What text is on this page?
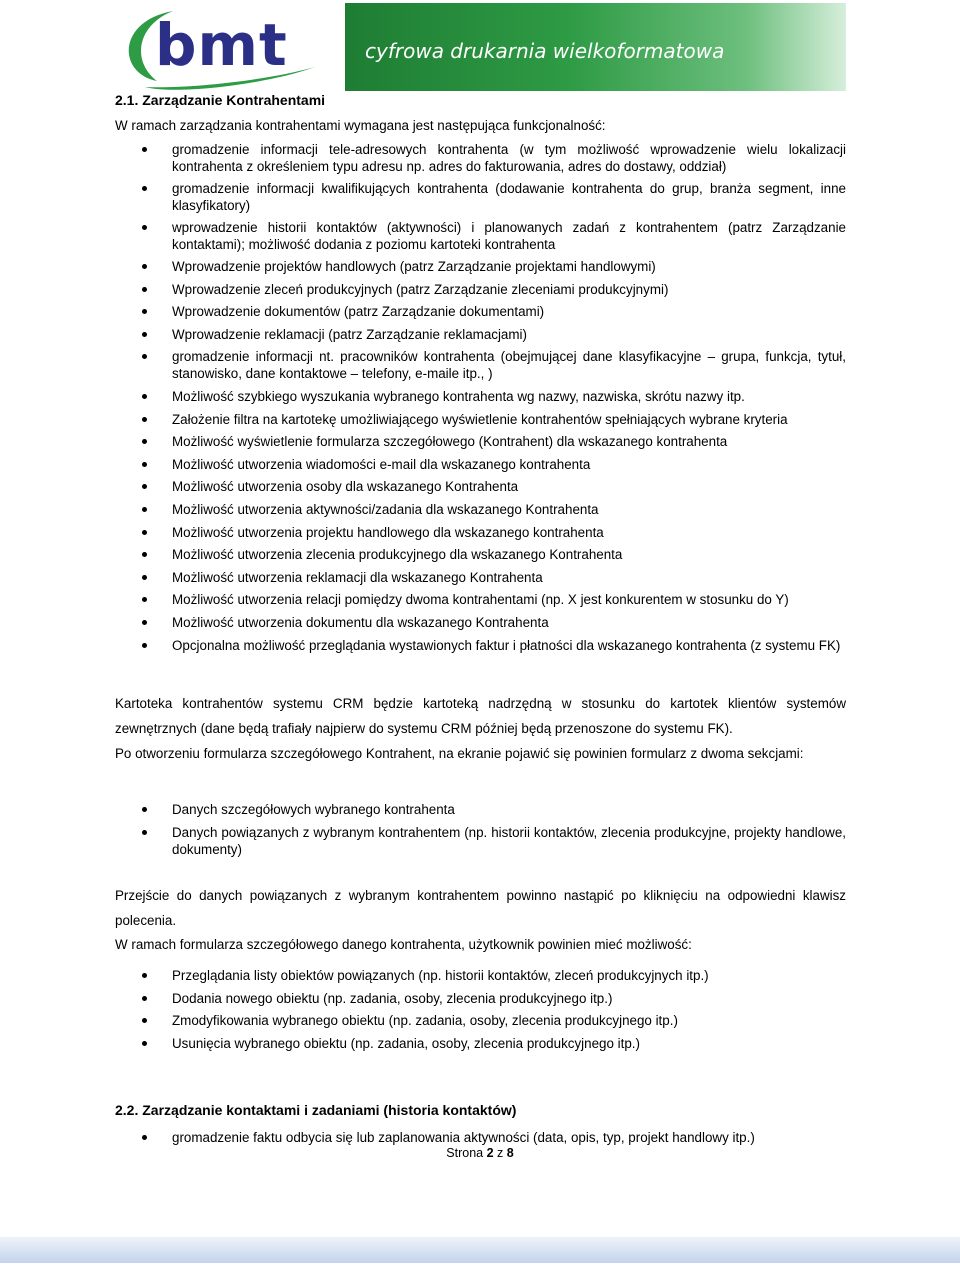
bmt	cyfrowa drukarnia wielkoformatowa
2.1. Zarządzanie Kontrahentami
W ramach zarządzania kontrahentami wymagana jest następująca funkcjonalność:
gromadzenie informacji tele-adresowych kontrahenta (w tym możliwość wprowadzenie wielu lokalizacji kontrahenta z określeniem typu adresu np. adres do fakturowania, adres do dostawy, oddział)
gromadzenie informacji kwalifikujących kontrahenta (dodawanie kontrahenta do grup, branża segment, inne klasyfikatory)
wprowadzenie historii kontaktów (aktywności) i planowanych zadań z kontrahentem (patrz Zarządzanie kontaktami); możliwość dodania z poziomu kartoteki kontrahenta
Wprowadzenie projektów handlowych (patrz Zarządzanie projektami handlowymi)
Wprowadzenie zleceń produkcyjnych (patrz Zarządzanie zleceniami produkcyjnymi)
Wprowadzenie dokumentów (patrz Zarządzanie dokumentami)
Wprowadzenie reklamacji (patrz Zarządzanie reklamacjami)
gromadzenie informacji nt. pracowników kontrahenta (obejmującej dane klasyfikacyjne – grupa, funkcja, tytuł, stanowisko, dane kontaktowe – telefony, e-maile itp., )
Możliwość szybkiego wyszukania wybranego kontrahenta wg nazwy, nazwiska, skrótu nazwy itp.
Założenie filtra na kartotekę umożliwiającego wyświetlenie kontrahentów spełniających wybrane kryteria
Możliwość wyświetlenie formularza szczegółowego (Kontrahent) dla wskazanego kontrahenta
Możliwość utworzenia wiadomości e-mail dla wskazanego kontrahenta
Możliwość utworzenia osoby dla wskazanego Kontrahenta
Możliwość utworzenia aktywności/zadania dla wskazanego Kontrahenta
Możliwość utworzenia projektu handlowego dla wskazanego kontrahenta
Możliwość utworzenia zlecenia produkcyjnego dla wskazanego Kontrahenta
Możliwość utworzenia reklamacji dla wskazanego Kontrahenta
Możliwość utworzenia relacji pomiędzy dwoma kontrahentami (np. X jest konkurentem w stosunku do Y)
Możliwość utworzenia dokumentu dla wskazanego Kontrahenta
Opcjonalna możliwość przeglądania wystawionych faktur i płatności dla wskazanego kontrahenta (z systemu FK)
Kartoteka kontrahentów systemu CRM będzie kartoteką nadrzędną w stosunku do kartotek klientów systemów zewnętrznych (dane będą trafiały najpierw do systemu CRM później będą przenoszone do systemu FK).
Po otworzeniu formularza szczegółowego Kontrahent, na ekranie pojawić się powinien formularz z dwoma sekcjami:
Danych szczegółowych wybranego kontrahenta
Danych powiązanych z wybranym kontrahentem (np. historii kontaktów, zlecenia produkcyjne, projekty handlowe, dokumenty)
Przejście do danych powiązanych z wybranym kontrahentem powinno nastąpić po kliknięciu na odpowiedni klawisz polecenia.
W ramach formularza szczegółowego danego kontrahenta, użytkownik powinien mieć możliwość:
Przeglądania listy obiektów powiązanych (np. historii kontaktów, zleceń produkcyjnych itp.)
Dodania nowego obiektu (np. zadania, osoby, zlecenia produkcyjnego itp.)
Zmodyfikowania wybranego obiektu (np. zadania, osoby, zlecenia produkcyjnego itp.)
Usunięcia wybranego obiektu (np. zadania, osoby, zlecenia produkcyjnego itp.)
2.2. Zarządzanie kontaktami i zadaniami (historia kontaktów)
gromadzenie faktu odbycia się lub zaplanowania aktywności (data, opis, typ, projekt handlowy itp.)
Strona 2 z 8
